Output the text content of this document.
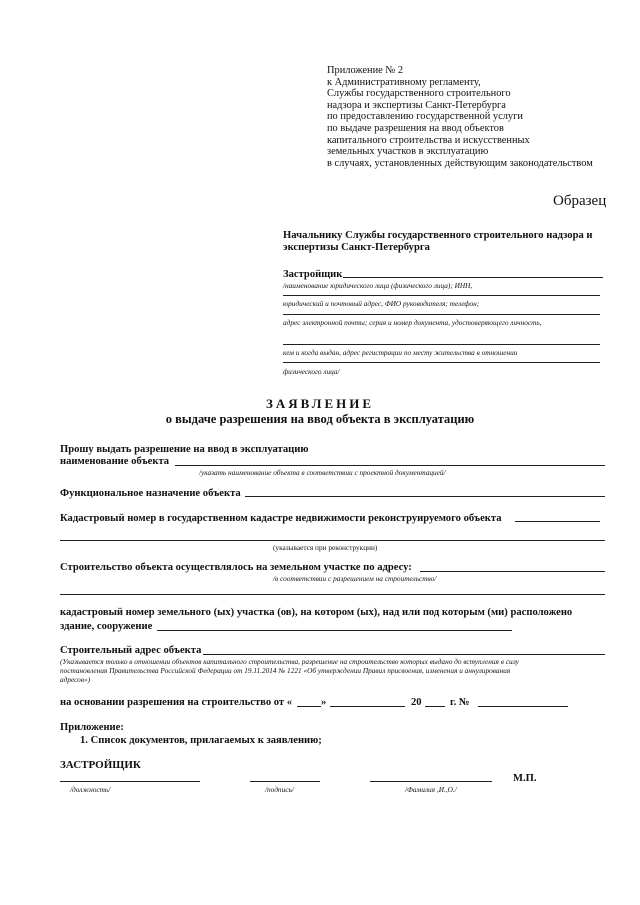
Приложение № 2
к Административному регламенту,
Службы государственного строительного
надзора и экспертизы Санкт-Петербурга
по предоставлению государственной услуги
по выдаче разрешения на ввод объектов
капитального строительства и искусственных
земельных участков в эксплуатацию
в случаях, установленных действующим законодательством
Образец
Начальнику Службы государственного строительного надзора и
экспертизы Санкт-Петербурга
Застройщик
/наименование юридического лица (физического лица); ИНН,
юридический и почтовый адрес, ФИО руководителя; телефон;
адрес электронной почты; серия и номер документа, удостоверяющего личность,
кем и когда выдан, адрес регистрации по месту жительства в отношении
физического лица/
ЗАЯВЛЕНИЕ
о выдаче разрешения на ввод объекта в эксплуатацию
Прошу выдать разрешение на ввод в эксплуатацию
наименование объекта
/указать наименование объекта в соответствии с проектной документацией/
Функциональное назначение объекта
Кадастровый номер в государственном кадастре недвижимости реконструируемого объекта
(указывается при реконструкции)
Строительство объекта осуществлялось на земельном участке по адресу:
/в соответствии с разрешением на строительство/
кадастровый номер земельного (ых) участка (ов), на котором (ых), над или под которым (ми) расположено
здание, сооружение
Строительный адрес объекта
(Указывается только в отношении объектов капитального строительства, разрешение на строительство которых выдано до вступления в силу
постановления Правительства Российской Федерации от 19.11.2014 № 1221 «Об утверждении Правил присвоения, изменения и аннулирования
адресов»)
на основании разрешения на строительство от «	»	20	г. №
Приложение:
1. Список документов, прилагаемых к заявлению;
ЗАСТРОЙЩИК
М.П.
/должность/	/подпись/	/Фамилия ,И.,О./
